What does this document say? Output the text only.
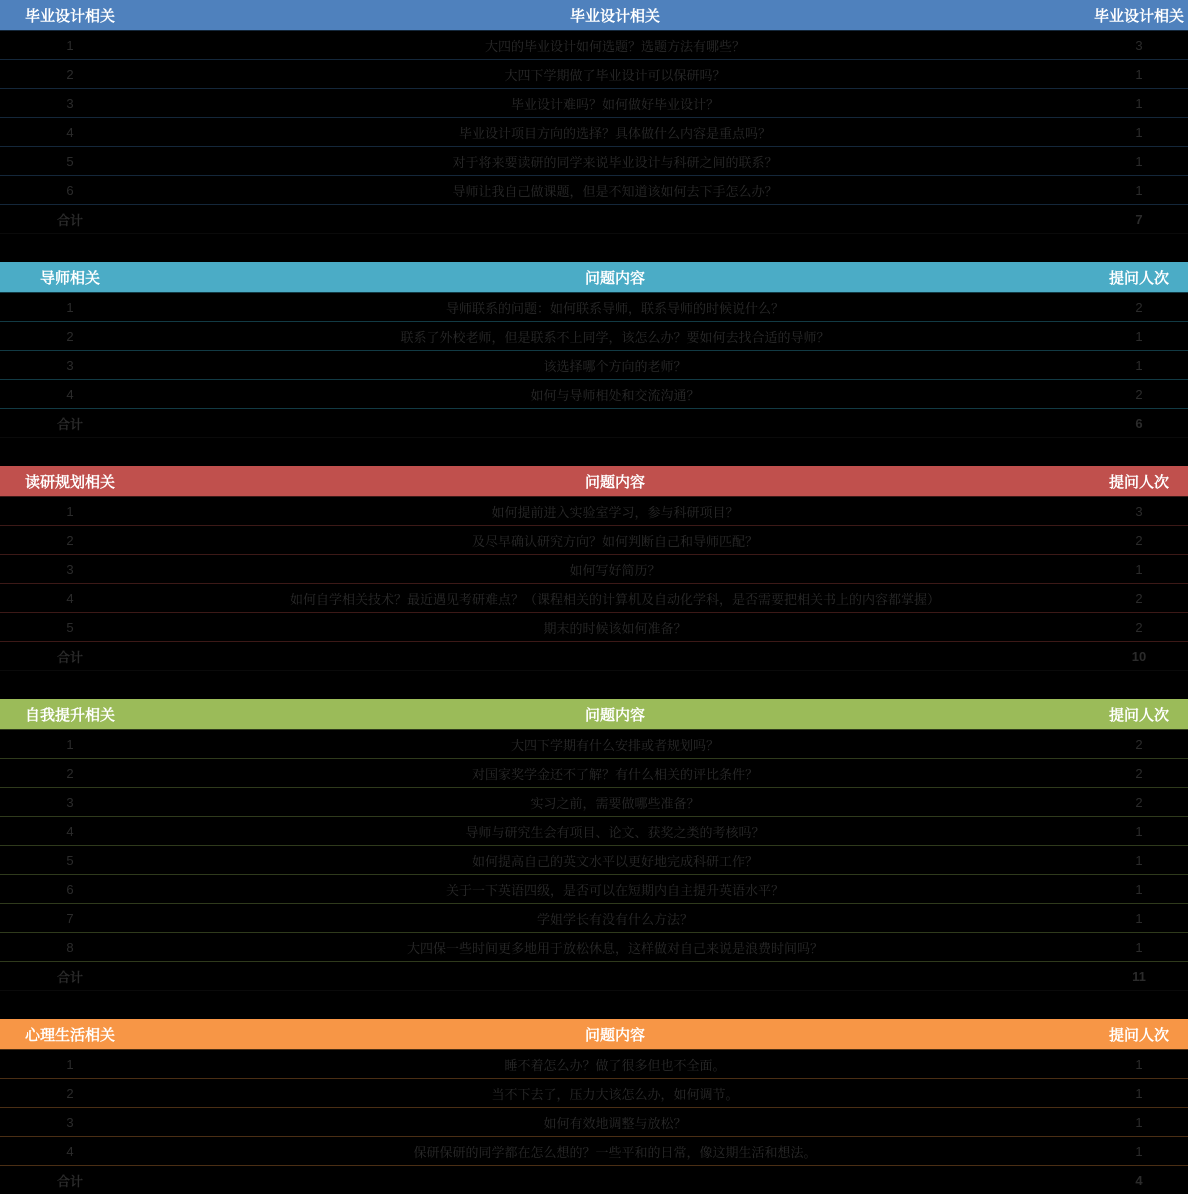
毕业设计相关	毕业设计相关	毕业设计相关
1	大四的毕业设计如何选题？选题方法有哪些？	3
2	大四下学期做了毕业设计可以保研吗？	1
3	毕业设计难吗？如何做好毕业设计？	1
4	毕业设计项目方向的选择？具体做什么内容是重点吗？	1
5	对于将来要读研的同学来说毕业设计与科研之间的联系？	1
6	导师让我自己做课题，但是不知道该如何去下手怎么办？	1
合计	7
导师相关	问题内容	提问人次
1	导师联系的问题：如何联系导师，联系导师的时候说什么？	2
2	联系了外校老师，但是联系不上同学，该怎么办？要如何去找合适的导师？	1
3	该选择哪个方向的老师？	1
4	如何与导师相处和交流沟通？	2
合计	6
读研规划相关	问题内容	提问人次
1	如何提前进入实验室学习，参与科研项目？	3
2	及尽早确认研究方向？如何判断自己和导师匹配？	2
3	如何写好简历？	1
4	如何自学相关技术？最近遇见考研难点？（课程相关的计算机及自动化学科，是否需要把相关书上的内容都掌握）	2
5	期末的时候该如何准备？	2
合计	10
自我提升相关	问题内容	提问人次
1	大四下学期有什么安排或者规划吗？	2
2	对国家奖学金还不了解？有什么相关的评比条件？	2
3	实习之前，需要做哪些准备？	2
4	导师与研究生会有项目、论文、获奖之类的考核吗？	1
5	如何提高自己的英文水平以更好地完成科研工作？	1
6	关于一下英语四级，是否可以在短期内自主提升英语水平？	1
7	学姐学长有没有什么方法？	1
8	大四保一些时间更多地用于放松休息，这样做对自己来说是浪费时间吗？	1
合计	11
心理生活相关	问题内容	提问人次
1	睡不着怎么办？做了很多但也不全面。	1
2	当不下去了，压力大该怎么办，如何调节。	1
3	如何有效地调整与放松？	1
4	保研保研的同学都在怎么想的？一些平和的日常，像这期生活和想法。	1
合计	4
